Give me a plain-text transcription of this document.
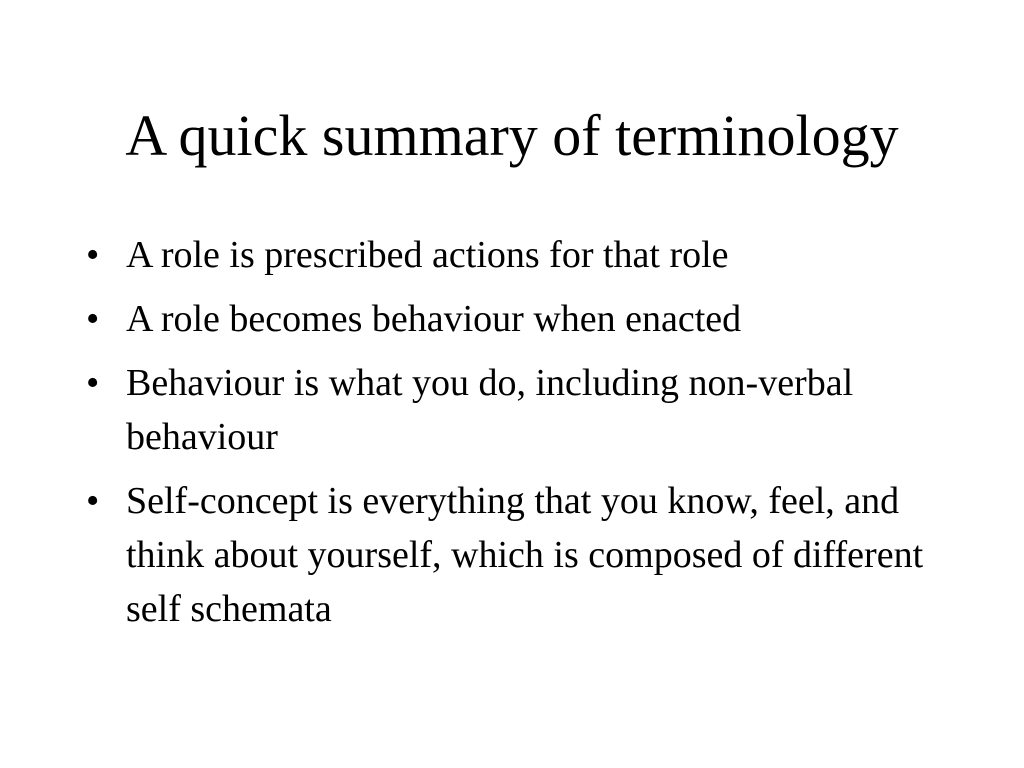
A quick summary of terminology
• A role is prescribed actions for that role
• A role becomes behaviour when enacted
• Behaviour is what you do, including non-verbal behaviour
• Self-concept is everything that you know, feel, and think about yourself, which is composed of different self schemata
